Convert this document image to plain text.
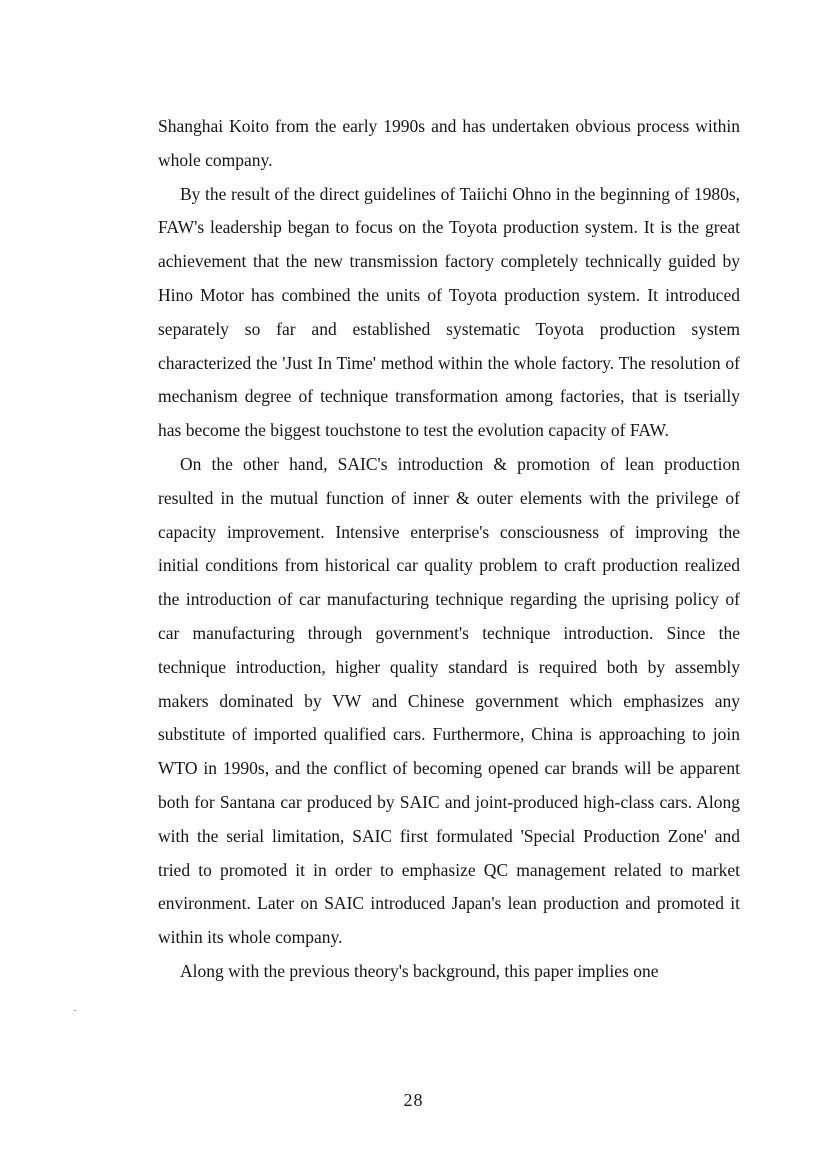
Shanghai Koito from the early 1990s and has undertaken obvious process within whole company.

By the result of the direct guidelines of Taiichi Ohno in the beginning of 1980s, FAW's leadership began to focus on the Toyota production system. It is the great achievement that the new transmission factory completely technically guided by Hino Motor has combined the units of Toyota production system. It introduced separately so far and established systematic Toyota production system characterized the 'Just In Time' method within the whole factory. The resolution of mechanism degree of technique transformation among factories, that is tserially has become the biggest touchstone to test the evolution capacity of FAW.

On the other hand, SAIC's introduction & promotion of lean production resulted in the mutual function of inner & outer elements with the privilege of capacity improvement. Intensive enterprise's consciousness of improving the initial conditions from historical car quality problem to craft production realized the introduction of car manufacturing technique regarding the uprising policy of car manufacturing through government's technique introduction. Since the technique introduction, higher quality standard is required both by assembly makers dominated by VW and Chinese government which emphasizes any substitute of imported qualified cars. Furthermore, China is approaching to join WTO in 1990s, and the conflict of becoming opened car brands will be apparent both for Santana car produced by SAIC and joint-produced high-class cars. Along with the serial limitation, SAIC first formulated 'Special Production Zone' and tried to promoted it in order to emphasize QC management related to market environment. Later on SAIC introduced Japan's lean production and promoted it within its whole company.

Along with the previous theory's background, this paper implies one

28
